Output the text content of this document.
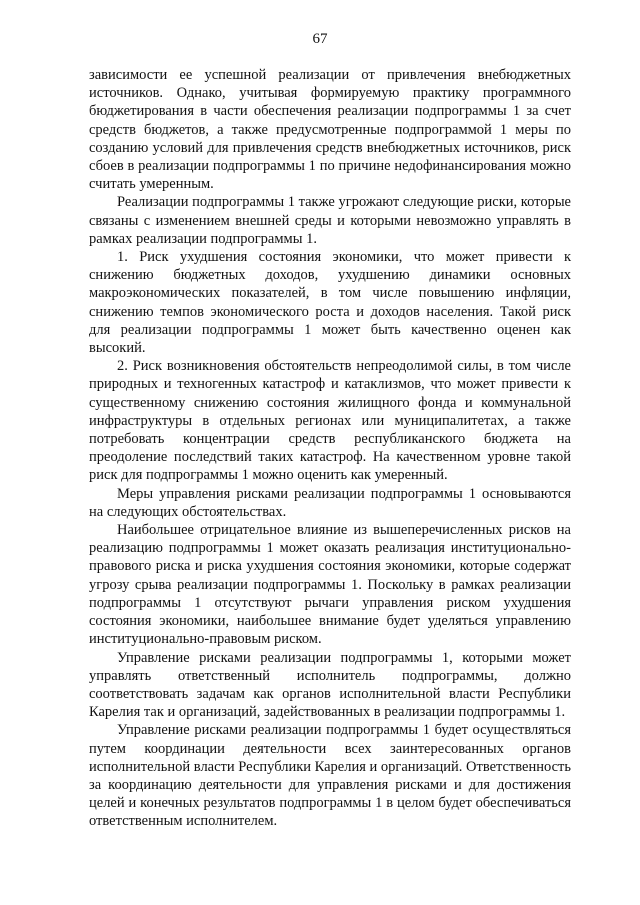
67

зависимости ее успешной реализации от привлечения внебюджетных источников. Однако, учитывая формируемую практику программного бюджетирования в части обеспечения реализации подпрограммы 1 за счет средств бюджетов, а также предусмотренные подпрограммой 1 меры по созданию условий для привлечения средств внебюджетных источников, риск сбоев в реализации подпрограммы 1 по причине недофинансирования можно считать умеренным.

Реализации подпрограммы 1 также угрожают следующие риски, которые связаны с изменением внешней среды и которыми невозможно управлять в рамках реализации подпрограммы 1.

1. Риск ухудшения состояния экономики, что может привести к снижению бюджетных доходов, ухудшению динамики основных макроэкономических показателей, в том числе повышению инфляции, снижению темпов экономического роста и доходов населения. Такой риск для реализации подпрограммы 1 может быть качественно оценен как высокий.

2. Риск возникновения обстоятельств непреодолимой силы, в том числе природных и техногенных катастроф и катаклизмов, что может привести к существенному снижению состояния жилищного фонда и коммунальной инфраструктуры в отдельных регионах или муниципалитетах, а также потребовать концентрации средств республиканского бюджета на преодоление последствий таких катастроф. На качественном уровне такой риск для подпрограммы 1 можно оценить как умеренный.

Меры управления рисками реализации подпрограммы 1 основываются на следующих обстоятельствах.

Наибольшее отрицательное влияние из вышеперечисленных рисков на реализацию подпрограммы 1 может оказать реализация институционально-правового риска и риска ухудшения состояния экономики, которые содержат угрозу срыва реализации подпрограммы 1. Поскольку в рамках реализации подпрограммы 1 отсутствуют рычаги управления риском ухудшения состояния экономики, наибольшее внимание будет уделяться управлению институционально-правовым риском.

Управление рисками реализации подпрограммы 1, которыми может управлять ответственный исполнитель подпрограммы, должно соответствовать задачам как органов исполнительной власти Республики Карелия так и организаций, задействованных в реализации подпрограммы 1.

Управление рисками реализации подпрограммы 1 будет осуществляться путем координации деятельности всех заинтересованных органов исполнительной власти Республики Карелия и организаций. Ответственность за координацию деятельности для управления рисками и для достижения целей и конечных результатов подпрограммы 1 в целом будет обеспечиваться ответственным исполнителем.
